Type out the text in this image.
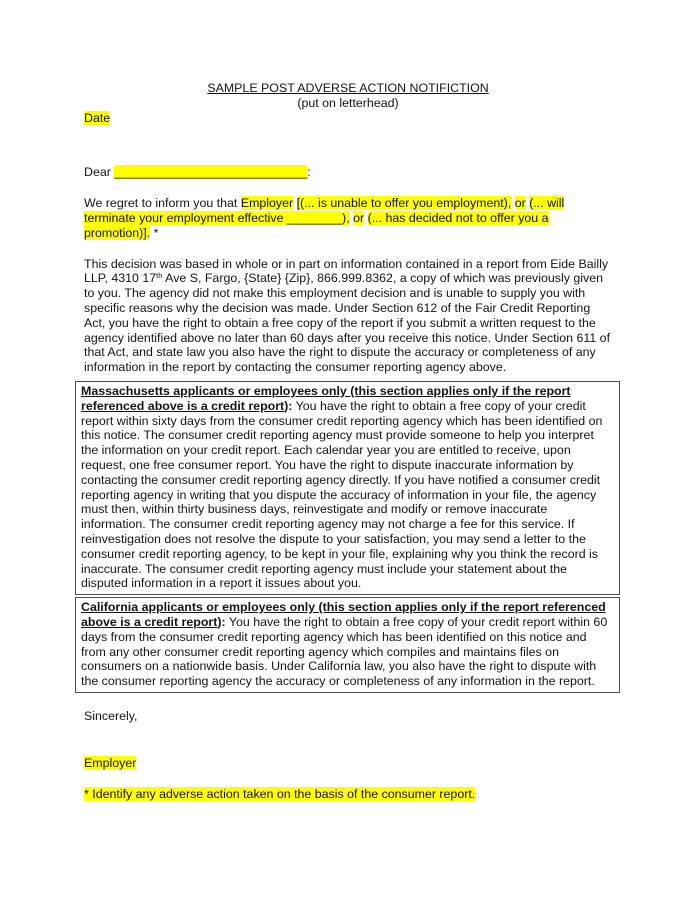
SAMPLE POST ADVERSE ACTION NOTIFICTION
(put on letterhead)
Date

Dear ____________________________:

We regret to inform you that Employer [(... is unable to offer you employment), or (... will terminate your employment effective ________), or (... has decided not to offer you a promotion)]. *

This decision was based in whole or in part on information contained in a report from Eide Bailly LLP, 4310 17th Ave S, Fargo, {State} {Zip}, 866.999.8362, a copy of which was previously given to you. The agency did not make this employment decision and is unable to supply you with specific reasons why the decision was made. Under Section 612 of the Fair Credit Reporting Act, you have the right to obtain a free copy of the report if you submit a written request to the agency identified above no later than 60 days after you receive this notice. Under Section 611 of that Act, and state law you also have the right to dispute the accuracy or completeness of any information in the report by contacting the consumer reporting agency above.

Massachusetts applicants or employees only (this section applies only if the report referenced above is a credit report): You have the right to obtain a free copy of your credit report within sixty days from the consumer credit reporting agency which has been identified on this notice. The consumer credit reporting agency must provide someone to help you interpret the information on your credit report. Each calendar year you are entitled to receive, upon request, one free consumer report. You have the right to dispute inaccurate information by contacting the consumer credit reporting agency directly. If you have notified a consumer credit reporting agency in writing that you dispute the accuracy of information in your file, the agency must then, within thirty business days, reinvestigate and modify or remove inaccurate information. The consumer credit reporting agency may not charge a fee for this service. If reinvestigation does not resolve the dispute to your satisfaction, you may send a letter to the consumer credit reporting agency, to be kept in your file, explaining why you think the record is inaccurate. The consumer credit reporting agency must include your statement about the disputed information in a report it issues about you.
California applicants or employees only (this section applies only if the report referenced above is a credit report): You have the right to obtain a free copy of your credit report within 60 days from the consumer credit reporting agency which has been identified on this notice and from any other consumer credit reporting agency which compiles and maintains files on consumers on a nationwide basis. Under California law, you also have the right to dispute with the consumer reporting agency the accuracy or completeness of any information in the report.

Sincerely,

Employer

* Identify any adverse action taken on the basis of the consumer report.
